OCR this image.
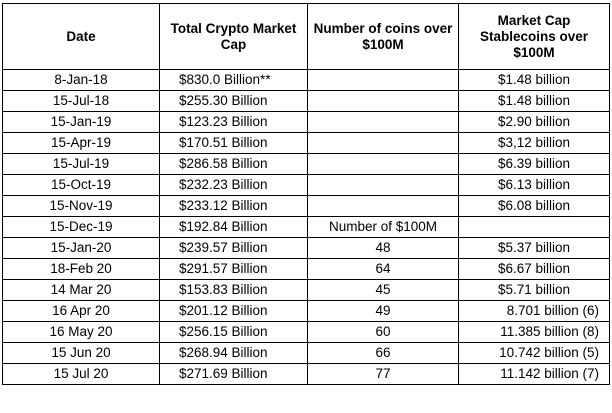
Date	Total Crypto Market Cap	Number of coins over $100M	Market Cap Stablecoins over $100M
8-Jan-18	$830.0 Billion**		$1.48 billion
15-Jul-18	$255.30 Billion		$1.48 billion
15-Jan-19	$123.23 Billion		$2.90 billion
15-Apr-19	$170.51 Billion		$3,12 billion
15-Jul-19	$286.58 Billion		$6.39 billion
15-Oct-19	$232.23 Billion		$6.13 billion
15-Nov-19	$233.12 Billion		$6.08 billion
15-Dec-19	$192.84 Billion	Number of $100M	
15-Jan-20	$239.57 Billion	48	$5.37 billion
18-Feb 20	$291.57 Billion	64	$6.67 billion
14 Mar 20	$153.83 Billion	45	$5.71 billion
16 Apr 20	$201.12 Billion	49	8.701 billion (6)
16 May 20	$256.15 Billion	60	11.385 billion (8)
15 Jun 20	$268.94 Billion	66	10.742 billion (5)
15 Jul 20	$271.69 Billion	77	11.142 billion (7)
